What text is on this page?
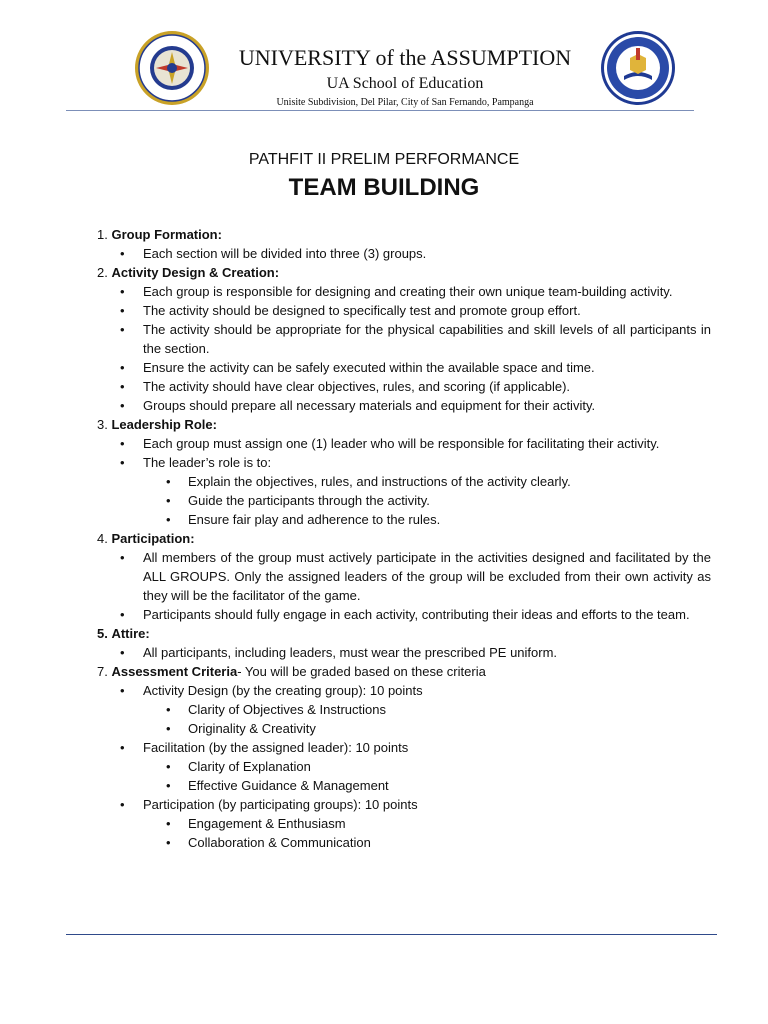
UNIVERSITY of the ASSUMPTION
UA School of Education
Unisite Subdivision, Del Pilar, City of San Fernando, Pampanga
PATHFIT II PRELIM PERFORMANCE
TEAM BUILDING
1. Group Formation:
• Each section will be divided into three (3) groups.
2. Activity Design & Creation:
• Each group is responsible for designing and creating their own unique team-building activity.
• The activity should be designed to specifically test and promote group effort.
• The activity should be appropriate for the physical capabilities and skill levels of all participants in the section.
• Ensure the activity can be safely executed within the available space and time.
• The activity should have clear objectives, rules, and scoring (if applicable).
• Groups should prepare all necessary materials and equipment for their activity.
3. Leadership Role:
• Each group must assign one (1) leader who will be responsible for facilitating their activity.
• The leader’s role is to:
• Explain the objectives, rules, and instructions of the activity clearly.
• Guide the participants through the activity.
• Ensure fair play and adherence to the rules.
4. Participation:
• All members of the group must actively participate in the activities designed and facilitated by the ALL GROUPS. Only the assigned leaders of the group will be excluded from their own activity as they will be the facilitator of the game.
• Participants should fully engage in each activity, contributing their ideas and efforts to the team.
5. Attire:
• All participants, including leaders, must wear the prescribed PE uniform.
7. Assessment Criteria- You will be graded based on these criteria
• Activity Design (by the creating group): 10 points
• Clarity of Objectives & Instructions
• Originality & Creativity
• Facilitation (by the assigned leader): 10 points
• Clarity of Explanation
• Effective Guidance & Management
• Participation (by participating groups): 10 points
• Engagement & Enthusiasm
• Collaboration & Communication
